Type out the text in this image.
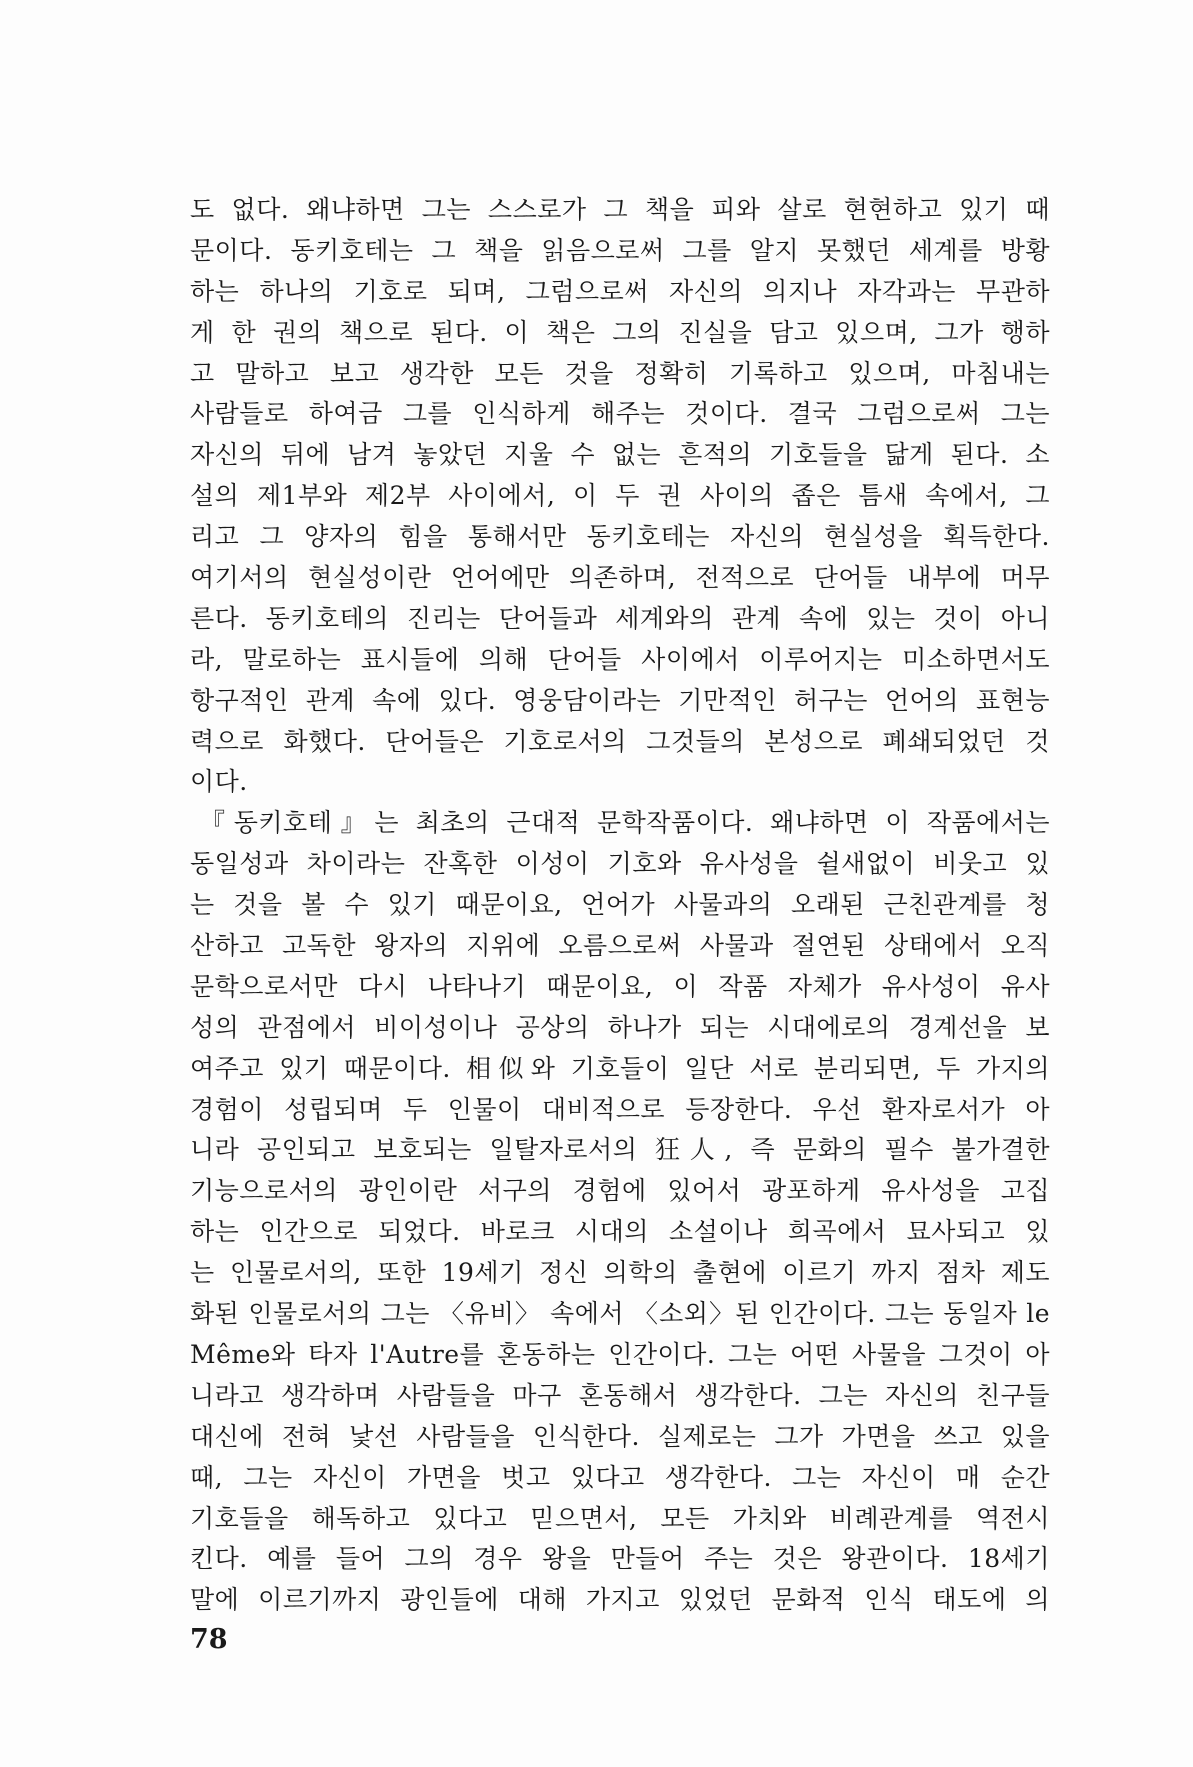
도 없다. 왜냐하면 그는 스스로가 그 책을 피와 살로 현현하고 있기 때
문이다. 동키호테는 그 책을 읽음으로써 그를 알지 못했던 세계를 방황
하는 하나의 기호로 되며, 그럼으로써 자신의 의지나 자각과는 무관하
게 한 권의 책으로 된다. 이 책은 그의 진실을 담고 있으며, 그가 행하
고 말하고 보고 생각한 모든 것을 정확히 기록하고 있으며, 마침내는
사람들로 하여금 그를 인식하게 해주는 것이다. 결국 그럼으로써 그는
자신의 뒤에 남겨 놓았던 지울 수 없는 흔적의 기호들을 닮게 된다. 소
설의 제1부와 제2부 사이에서, 이 두 권 사이의 좁은 틈새 속에서, 그
리고 그 양자의 힘을 통해서만 동키호테는 자신의 현실성을 획득한다.
여기서의 현실성이란 언어에만 의존하며, 전적으로 단어들 내부에 머무
른다. 동키호테의 진리는 단어들과 세계와의 관계 속에 있는 것이 아니
라, 말로하는 표시들에 의해 단어들 사이에서 이루어지는 미소하면서도
항구적인 관계 속에 있다. 영웅담이라는 기만적인 허구는 언어의 표현능
력으로 화했다. 단어들은 기호로서의 그것들의 본성으로 폐쇄되었던 것
이다.
『동키호테』는 최초의 근대적 문학작품이다. 왜냐하면 이 작품에서는
동일성과 차이라는 잔혹한 이성이 기호와 유사성을 쉴새없이 비웃고 있
는 것을 볼 수 있기 때문이요, 언어가 사물과의 오래된 근친관계를 청
산하고 고독한 왕자의 지위에 오름으로써 사물과 절연된 상태에서 오직
문학으로서만 다시 나타나기 때문이요, 이 작품 자체가 유사성이 유사
성의 관점에서 비이성이나 공상의 하나가 되는 시대에로의 경계선을 보
여주고 있기 때문이다. 相似와 기호들이 일단 서로 분리되면, 두 가지의
경험이 성립되며 두 인물이 대비적으로 등장한다. 우선 환자로서가 아
니라 공인되고 보호되는 일탈자로서의 狂人, 즉 문화의 필수 불가결한
기능으로서의 광인이란 서구의 경험에 있어서 광포하게 유사성을 고집
하는 인간으로 되었다. 바로크 시대의 소설이나 희곡에서 묘사되고 있
는 인물로서의, 또한 19세기 정신 의학의 출현에 이르기 까지 점차 제도
화된 인물로서의 그는 〈유비〉 속에서 〈소외〉된 인간이다. 그는 동일자 le
Même와 타자 l'Autre를 혼동하는 인간이다. 그는 어떤 사물을 그것이 아
니라고 생각하며 사람들을 마구 혼동해서 생각한다. 그는 자신의 친구들
대신에 전혀 낯선 사람들을 인식한다. 실제로는 그가 가면을 쓰고 있을
때, 그는 자신이 가면을 벗고 있다고 생각한다. 그는 자신이 매 순간
기호들을 해독하고 있다고 믿으면서, 모든 가치와 비례관계를 역전시
킨다. 예를 들어 그의 경우 왕을 만들어 주는 것은 왕관이다. 18세기
말에 이르기까지 광인들에 대해 가지고 있었던 문화적 인식 태도에 의
78
